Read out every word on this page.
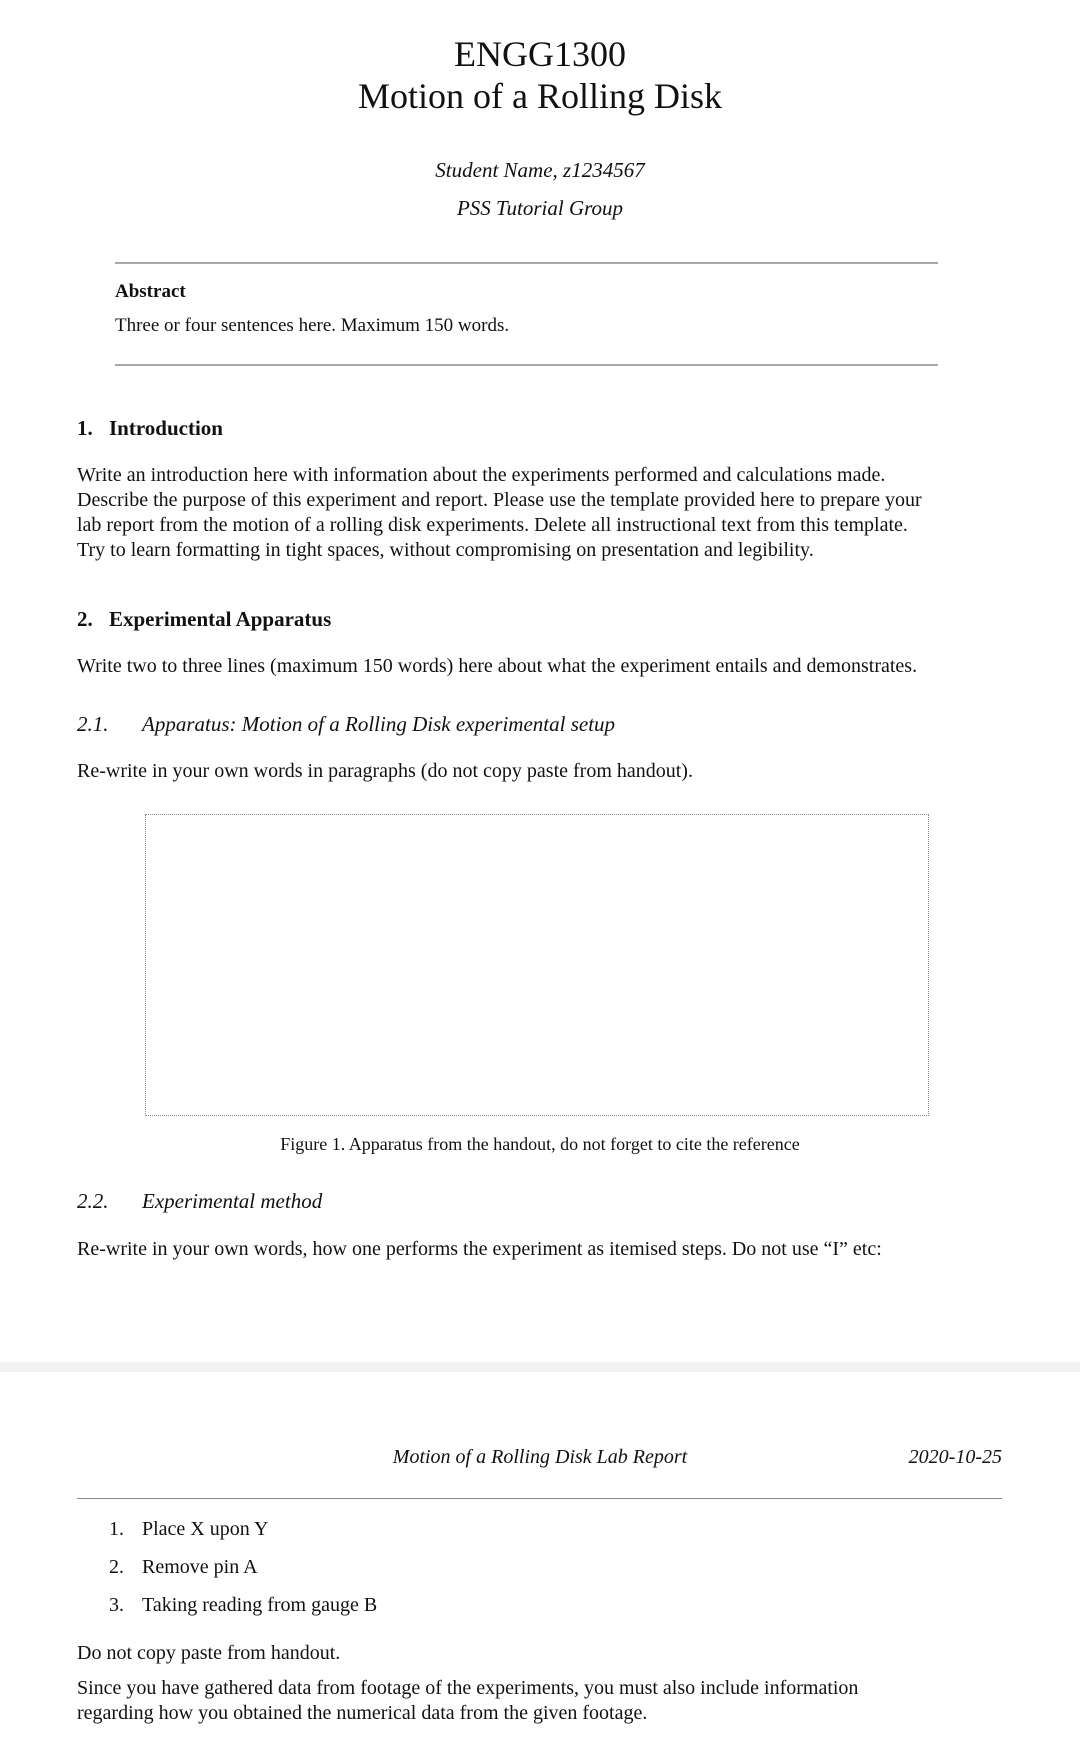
ENGG1300
Motion of a Rolling Disk
Student Name, z1234567
PSS Tutorial Group
Abstract
Three or four sentences here. Maximum 150 words.
1. Introduction
Write an introduction here with information about the experiments performed and calculations made.
Describe the purpose of this experiment and report. Please use the template provided here to prepare your
lab report from the motion of a rolling disk experiments. Delete all instructional text from this template.
Try to learn formatting in tight spaces, without compromising on presentation and legibility.
2. Experimental Apparatus
Write two to three lines (maximum 150 words) here about what the experiment entails and demonstrates.
2.1. Apparatus: Motion of a Rolling Disk experimental setup
Re-write in your own words in paragraphs (do not copy paste from handout).
Figure 1. Apparatus from the handout, do not forget to cite the reference
2.2. Experimental method
Re-write in your own words, how one performs the experiment as itemised steps. Do not use “I” etc:
Motion of a Rolling Disk Lab Report	2020-10-25
1. Place X upon Y
2. Remove pin A
3. Taking reading from gauge B
Do not copy paste from handout.
Since you have gathered data from footage of the experiments, you must also include information
regarding how you obtained the numerical data from the given footage.
